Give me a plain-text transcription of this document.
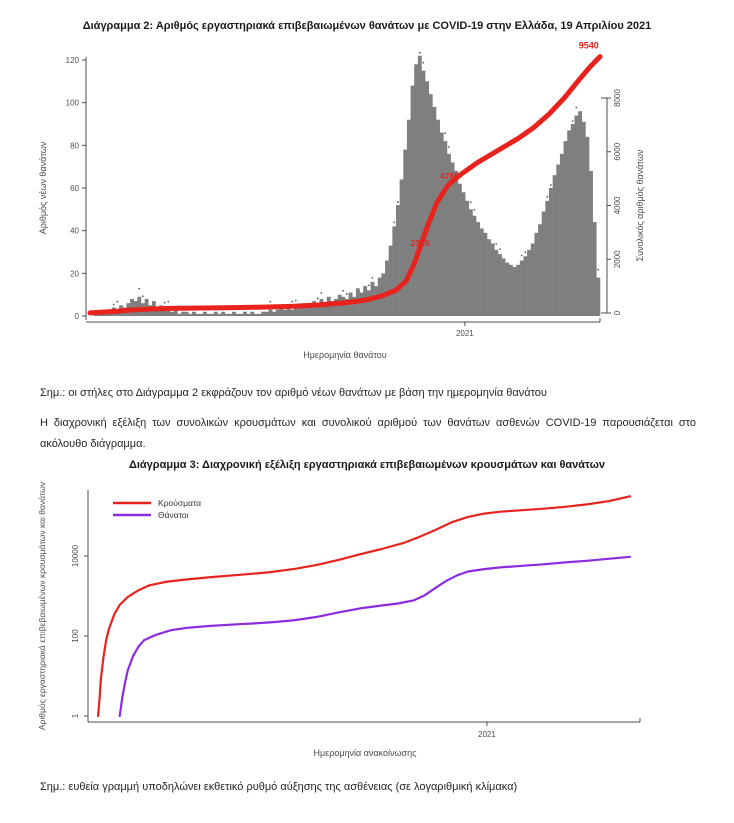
Διάγραμμα 2: Αριθμός εργαστηριακά επιβεβαιωμένων θανάτων με COVID-19 στην Ελλάδα, 19 Απριλίου 2021
0
20
40
60
80
100
120
Αριθμός νέων θανάτων
2021
Ημερομηνία θανάτου
0
2000
4000
6000
8000
Συνολικός αριθμός θανάτων
2345
4788
9540
Σημ.: οι στήλες στο Διάγραμμα 2 εκφράζουν τον αριθμό νέων θανάτων με βάση την ημερομηνία θανάτου
Η διαχρονική εξέλιξη των συνολικών κρουσμάτων και συνολικού αριθμού των θανάτων ασθενών COVID-19 παρουσιάζεται στο ακόλουθο διάγραμμα.
Διάγραμμα 3: Διαχρονική εξέλιξη εργαστηριακά επιβεβαιωμένων κρουσμάτων και θανάτων
1
100
10000
Αριθμός εργαστηριακά επιβεβαιωμένων κρουσμάτων και θανάτων
2021
Ημερομηνία ανακοίνωσης
Κρούσματα
Θάνατοι
Σημ.: ευθεία γραμμή υποδηλώνει εκθετικό ρυθμό αύξησης της ασθένειας (σε λογαριθμική κλίμακα)
